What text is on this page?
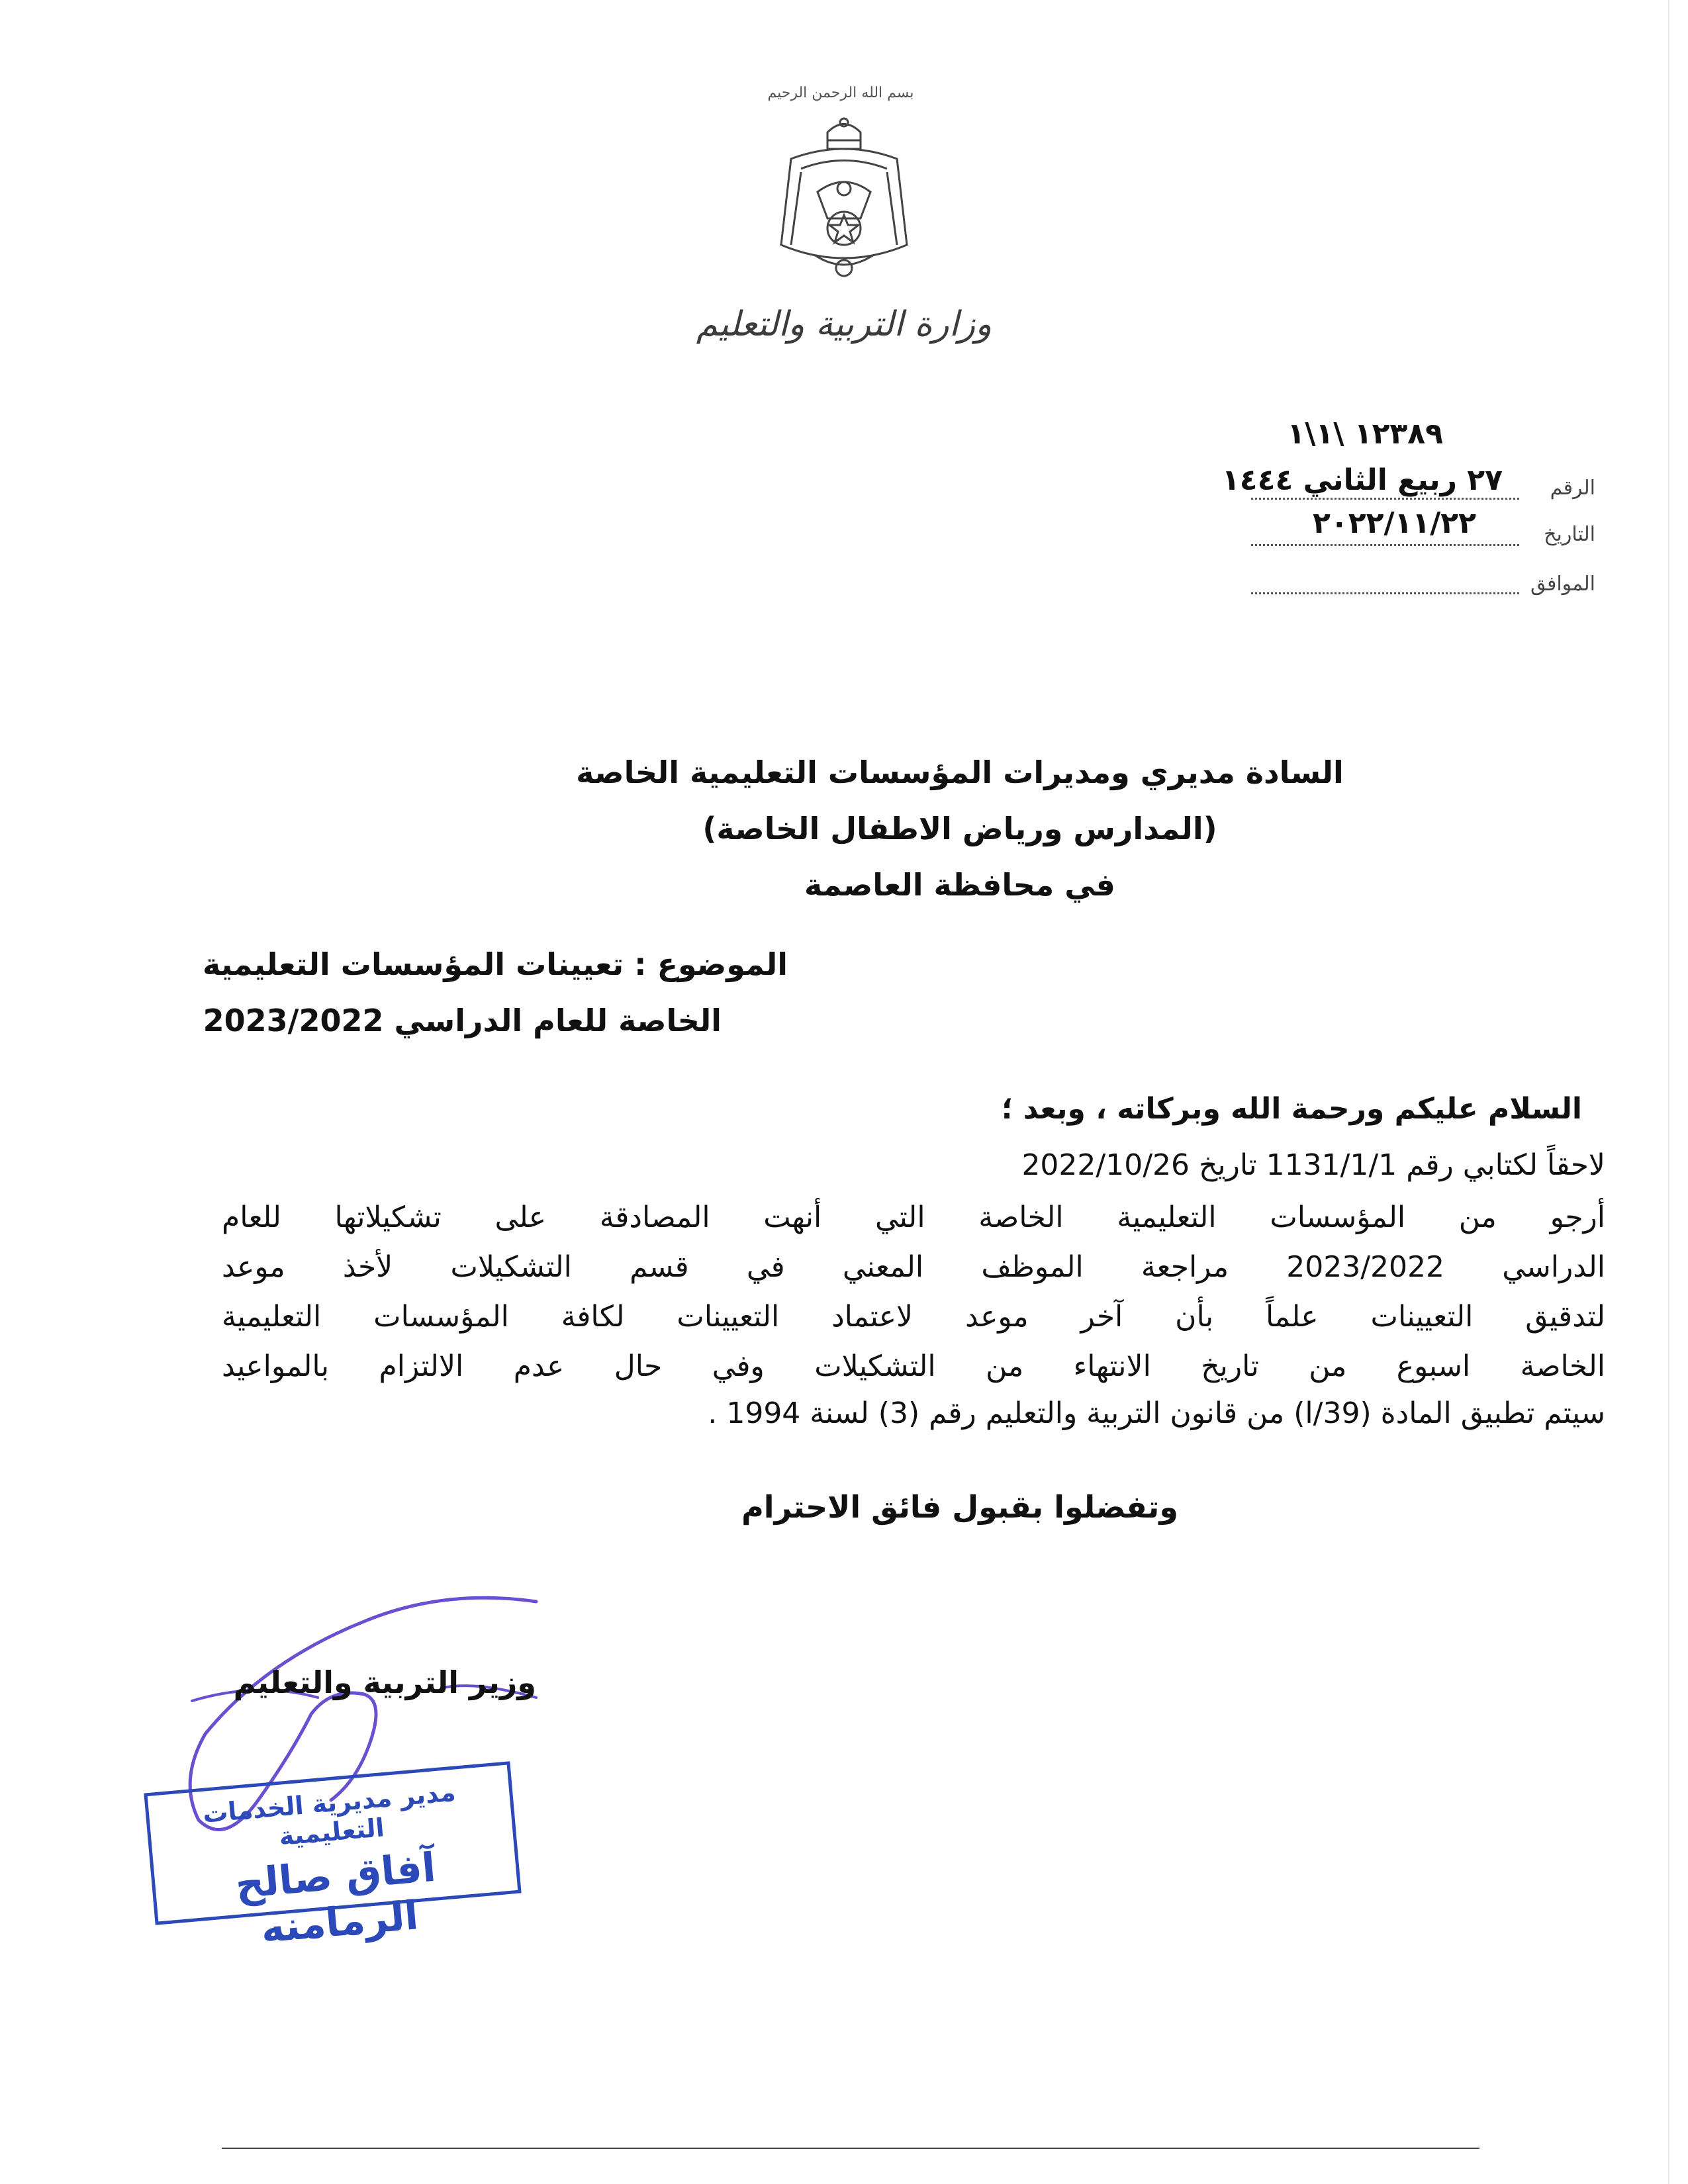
بسم الله الرحمن الرحيم
وزارة التربية والتعليم
١٢٣٨٩ \١\١
الرقم
٢٧ ربيع الثاني ١٤٤٤
التاريخ
٢٠٢٢/١١/٢٢
الموافق
السادة مديري ومديرات المؤسسات التعليمية الخاصة
(المدارس ورياض الاطفال الخاصة)
في محافظة العاصمة
الموضوع : تعيينات المؤسسات التعليمية
الخاصة للعام الدراسي 2023/2022
السلام عليكم ورحمة الله وبركاته ، وبعد ؛
لاحقاً لكتابي رقم 1131/1/1 تاريخ 2022/10/26
أرجو من المؤسسات التعليمية الخاصة التي أنهت المصادقة على تشكيلاتها للعام
الدراسي 2023/2022 مراجعة الموظف المعني في قسم التشكيلات لأخذ موعد
لتدقيق التعيينات علماً بأن آخر موعد لاعتماد التعيينات لكافة المؤسسات التعليمية
الخاصة اسبوع من تاريخ الانتهاء من التشكيلات وفي حال عدم الالتزام بالمواعيد
سيتم تطبيق المادة (39/ا) من قانون التربية والتعليم رقم (3) لسنة 1994 .
وتفضلوا بقبول فائق الاحترام
وزير التربية والتعليم
مدير مديرية الخدمات التعليمية
آفاق صالح الرمامنه
